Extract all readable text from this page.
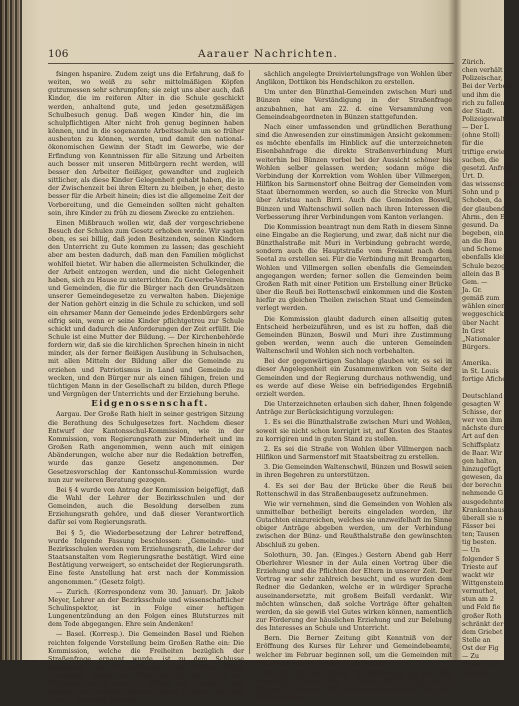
106	Aarauer Nachrichten.

fsingen hspanire. Zudem zeigt uns die Erfahrung, daß fo weiten, wo weiß zu sehr mittelmäßigen Köpfen gutzumessen sehr schrumpfen; sie zeigt uns aber auch, daß Kinder, die im reiferen Alter in die Schule geschickt werden, anhaltend gute, und jeden gesetzmäßigen Schulbesuch genug. Daß wegen Kinder hin, die im schulpflichtigen Alter nicht froh genug beginnen haben können, und in die sogenannte Arbeitsschule um so früher ausbeuten zu können, werden, und damit den national-ökonomischen Gewinn der Stadt im Gewerbe, wie der Erfindung von Kenntnissen für alle Sitzung und Arbeiten auch besser mit unseren Mitbürgern recht werden, will besser den Arbeiter fleißiger, gewandter und zugleich sittlicher, als diese Kinder Gelegenheit gehabt haben, die in der Zwischenzeit bei ihren Eltern zu bleiben, je eher, desto besser für die Arbeit hinein; dies ist die allgemeine Zeit der Vorbereitung, und die Gemeinden sollten nicht gehalten sein, ihre Kinder zu früh zu diesem Zwecke zu entziehen.

Einen Mißbrauch wollen wir, daß der vorgeschriebene Besuch der Schulen zum Gesetz erhoben werde. Wir sagten oben, es sei billig, daß jeden Besitzenden, seinen Kindern den Unterricht zu Gute kommen zu lassen; das geschieht aber am besten dadurch, daß man den Familien möglichst wohlfeil bietet. Wir haben die allermeisten Schulkinder, die der Arbeit entzogen werden, und die nicht Gelegenheit haben, sich zu Hause zu unterrichten. Zu Gewerbe-Vereinen und Gemeinden, die für die Bürger nach den Grundsätzen unserer Gemeindegesetze zu verwalten haben. Diejenige der Nation gehört einzig in die Schule zu schicken, und soll ein ehrsamer Mann der Gemeinde jedes Erdenbürgers sehr eifrig sein, wenn er seine Kinder pflichtgetreu zur Schule schickt und dadurch die Anforderungen der Zeit erfüllt. Die Schule ist eine Mutter der Bildung. — Der Kirchenbehörde fordern wir, daß sie die kirchlichen Sprechen hinein in nicht minder, als der ferner fleißigen Ausübung in Schulsachen, mit allen Mitteln der Bildung aller die Gemeinde zu erziehen und Patriotismus in Land und Gemeinde zu wecken, und den Bürger nur als einen fähigen, freien und tüchtigen Mann in der Gesellschaft zu bilden, durch Pflege und Vergnügen der Unterrichts und der Erziehung beruhe.

Eidgenossenschaft.

Aargau. Der Große Rath hielt in seiner gestrigen Sitzung die Berathung des Schulgesetzes fort. Nachdem dieser Entwurf der Kantonsschul-Kommission, wie in der Kommission, vom Regierungsrath zur Minderheit und im Großen Rath angenommen, wenn auch mit einigen Abänderungen, welche aber nur die Redaktion betreffen, wurde das ganze Gesetz angenommen. Der Gesetzesvorschlag der Kantonsschul-Kommission wurde nun zur weiteren Beratung gezogen.

Bei § 4 wurde von Antrag der Kommission beigefügt, daß die Wahl der Lehrer der Bezirksschulen und der Gemeinden, auch die Besoldung derselben zum Erziehungsrath gehöre, und daß dieser Verantwortlich dafür sei vom Regierungsrath.

Bei § 5, die Wiederbesetzung der Lehrer betreffend, wurde folgende Fassung beschlossen: „Gemeinde- und Bezirksschulen werden vom Erziehungsrath, die Lehrer der Staatsanstalten vom Regierungsrathe bestätigt. Wird eine Bestätigung verweigert, so entscheidet der Regierungsrath. Eine feste Anstellung hat erst nach der Kommission angenommen.“ (Gesetz folgt).

— Zurich. (Korrespondenz vom 30. Januar). Dr. Jakob Meyer, Lehrer an der Bezirksschule und wissenschaftlicher Schulinspektor, ist in Folge einer heftigen Lungenentzündung an den Folgen eines Blutsturzes mit dem Tode abgegangen. Ehre sein Andenken!

— Basel. (Korresp.). Die Gemeinden Basel und Riehen reichten folgende Vorstellung beim Großen Rathe ein: Die Kommission, welche die Freiheiten bezüglich der Straßenfrage ernannt wurde, ist zu dem Schlusse gekommen, die Verhandlungen dem Großen Rathe vorzulegen, indem der Regierungsrath die Sache der Straßenkorrektion zwischen Wohlen und Lenzburg, dem Wohlen und Lenzburg fallen zu lassen; dagegen eine neue Linie in Vorschlag gebracht.

sächlich angelegte Dreiviertelungsfrage von Wohlen über Anglikon, Dottikon bis Hendschikon zu erstellen.

Um unter den Bünzthal-Gemeinden zwischen Muri und Bünzen eine Verständigung in der Straßenfrage anzubahnen, hat am 22. d. eine Versammlung von Gemeindeabgeordneten in Bünzen stattgefunden.

Nach einer umfassenden und gründlichen Berathung sind die Anwesenden zur einstimmigen Ansicht gekommen: es möchte ebenfalls im Hinblick auf die unterzeichneten Eisenbahnfrage die direkte Straßenverbindung Muri weiterhin bei Bünzen vorbei bei der Aussicht schöner bis Wohlen selber gelassen werden; sodann möge die Verbindung der Korrektion vom Wohlen über Villmergen, Hilfikon bis Sarmenstorf ohne Beitrag der Gemeinden vom Staat übernommen werden, so auch die Strecke von Muri über Aristau nach Birri. Auch die Gemeinden Boswil, Bünzen und Waltenschwil sollen nach ihren Interessen die Verbesserung ihrer Verbindungen vom Kanton verlangen.

Die Kommission beantragt nun dem Rath in diesem Sinne eine Eingabe an die Regierung, und zwar, daß nicht nur die Bünzthalstraße mit Muri in Verbindung gebracht werde, sondern auch die Hauptstraße vom Freiamt nach dem Seetal zu erstellen sei. Für die Verbindung mit Bremgarten, Wohlen und Villmergen sollen ebenfalls die Gemeinden angegangen werden; ferner sollen die Gemeinden beim Großen Rath mit einer Petition um Erstellung einer Brücke über die Reuß bei Rottenschwil einkommen und die Kosten hiefür zu gleichen Theilen zwischen Staat und Gemeinden verlegt werden.

Die Kommission glaubt dadurch einen allseitig guten Entscheid herbeizuführen, und es ist zu hoffen, daß die Gemeinden Bünzen, Boswil und Muri ihre Zustimmung geben werden, wenn auch die unteren Gemeinden Waltenschwil und Wohlen sich noch vorbehalten.

Bei der gegenwärtigen Sachlage glauben wir, es sei in dieser Angelegenheit ein Zusammenwirken von Seite der Gemeinden und der Regierung durchaus nothwendig, und es werde auf diese Weise ein befriedigendes Ergebniß erzielt werden.

Die Unterzeichneten erlauben sich daher, Ihnen folgende Anträge zur Berücksichtigung vorzulegen:

1. Es sei die Bünzthalstraße zwischen Muri und Wohlen, soweit sie nicht schon korrigirt ist, auf Kosten des Staates zu korrigiren und in guten Stand zu stellen.

2. Es sei die Straße von Wohlen über Villmergen nach Hilfikon und Sarmenstorf mit Staatsbeitrag zu erstellen.

3. Die Gemeinden Waltenschwil, Bünzen und Boswil seien in ihren Begehren zu unterstützen.

4. Es sei der Bau der Brücke über die Reuß bei Rottenschwil in das Straßenbaugesetz aufzunehmen.

Wie wir vernehmen, sind die Gemeinden von Wohlen als unmittelbar betheiligt bereits eingeladen worden, ihr Gutachten einzureichen, welches sie unzweifelhaft im Sinne obiger Anträge abgeben werden, um der Verbindung zwischen der Bünz- und Reußthalstraße den gewünschten Abschluß zu geben.

Solothurn, 30. Jan. (Einges.) Gestern Abend gab Herr Oberlehrer Wiesner in der Aula einen Vortrag über die Erziehung und die Pflichten der Eltern in unserer Zeit. Der Vortrag war sehr zahlreich besucht, und es wurden dem Redner die Gedanken, welche er in würdiger Sprache auseinandersetzte, mit großem Beifall verdankt. Wir möchten wünschen, daß solche Vorträge öfter gehalten werden, da sie gewiß viel Gutes wirken können, namentlich zur Förderung der häuslichen Erziehung und zur Belebung des Interesses an Schule und Unterricht.

Bern. Die Berner Zeitung gibt Kenntniß von der Eröffnung des Kurses für Lehrer und Gemeindebeamte, welcher im Februar beginnen soll, um die Gemeinden mit den neuen Gesetzen bekannt zu machen.

Bei der Nationalratswahl im Oberaargau hat bei 7094 eingelegten Stimmzetteln Hr. Pfarrer Bitzius 3408 und Hr. Bürgerrath Gugger 3408 erhalten; das absolute Mehr war 3548 Stimmen.

Zürich.
chen verhält
Polizeischar,
Bei der Verbess-
und ihm die
rich zu fallen
der Stadt.
Polizeigewalt
— Der L
(ohne Stoll)
für die
triftige erwie
suchen, die
gesetzl. Anfrage
Urt. D.
das wissenschaft.
Sohn und p
Schoben, da
der glaubend.
Ahrm., den E
gesund. Da
begeben, ein
an die Bau
und Scheme
ebenfalls klein
Schule bezog
allein das B
Gem. —
Ja. Gr.
gemäß zum
wählen einen
weggeschickt.
über Nacht
In Grst
„Nationaler
Bürgers.
Amerika.
in St. Louis
fortige Afiche
Deutschland
gesagten W
Schisse, der
wer von ihm
nächste durch
Art auf den
Schiffsplatz
de Baar. Wir
gen halten,
hinzugefügt
gewesen, da
der berechn
nehmende G
ausgedehnten
Krankenhaus
überall sie n
Fässer bei
ten; Tausen
tig besten.
— Un
folgender S
Trieste auf
wackt wir
Wittgenstein
vermuthet,
stun am 2
und Feld fie
großer Roth
schränkt der
dem Griebet
Stelle an
Ost der Fig
— Zu
Häusern ab
belegen.
